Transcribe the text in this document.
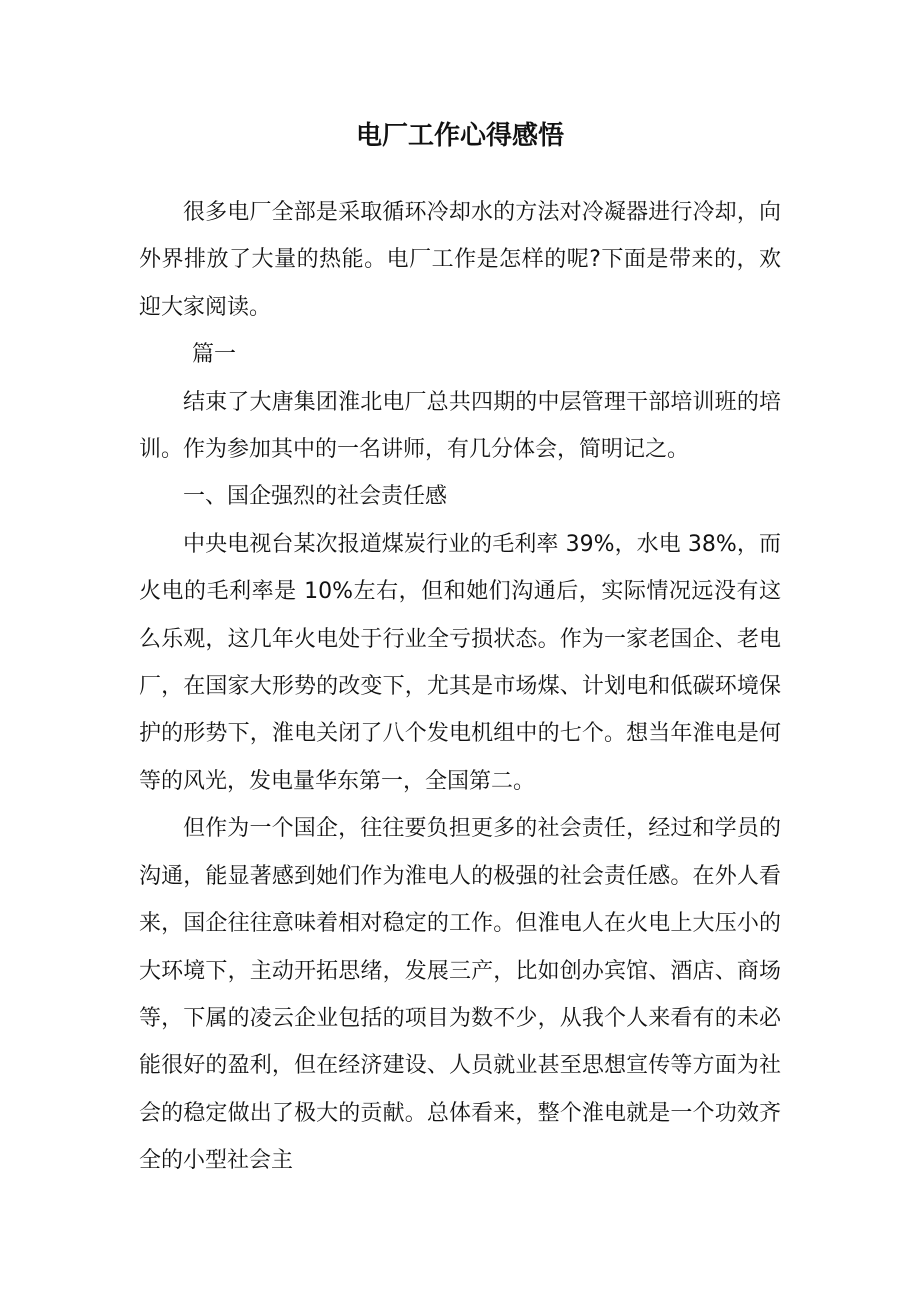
电厂工作心得感悟

很多电厂全部是采取循环冷却水的方法对冷凝器进行冷却，向外界排放了大量的热能。电厂工作是怎样的呢?下面是带来的，欢迎大家阅读。

篇一

结束了大唐集团淮北电厂总共四期的中层管理干部培训班的培训。作为参加其中的一名讲师，有几分体会，简明记之。

一、国企强烈的社会责任感

中央电视台某次报道煤炭行业的毛利率 39%，水电 38%，而火电的毛利率是 10%左右，但和她们沟通后，实际情况远没有这么乐观，这几年火电处于行业全亏损状态。作为一家老国企、老电厂，在国家大形势的改变下，尤其是市场煤、计划电和低碳环境保护的形势下，淮电关闭了八个发电机组中的七个。想当年淮电是何等的风光，发电量华东第一，全国第二。

但作为一个国企，往往要负担更多的社会责任，经过和学员的沟通，能显著感到她们作为淮电人的极强的社会责任感。在外人看来，国企往往意味着相对稳定的工作。但淮电人在火电上大压小的大环境下，主动开拓思绪，发展三产，比如创办宾馆、酒店、商场等，下属的凌云企业包括的项目为数不少，从我个人来看有的未必能很好的盈利，但在经济建设、人员就业甚至思想宣传等方面为社会的稳定做出了极大的贡献。总体看来，整个淮电就是一个功效齐全的小型社会主
